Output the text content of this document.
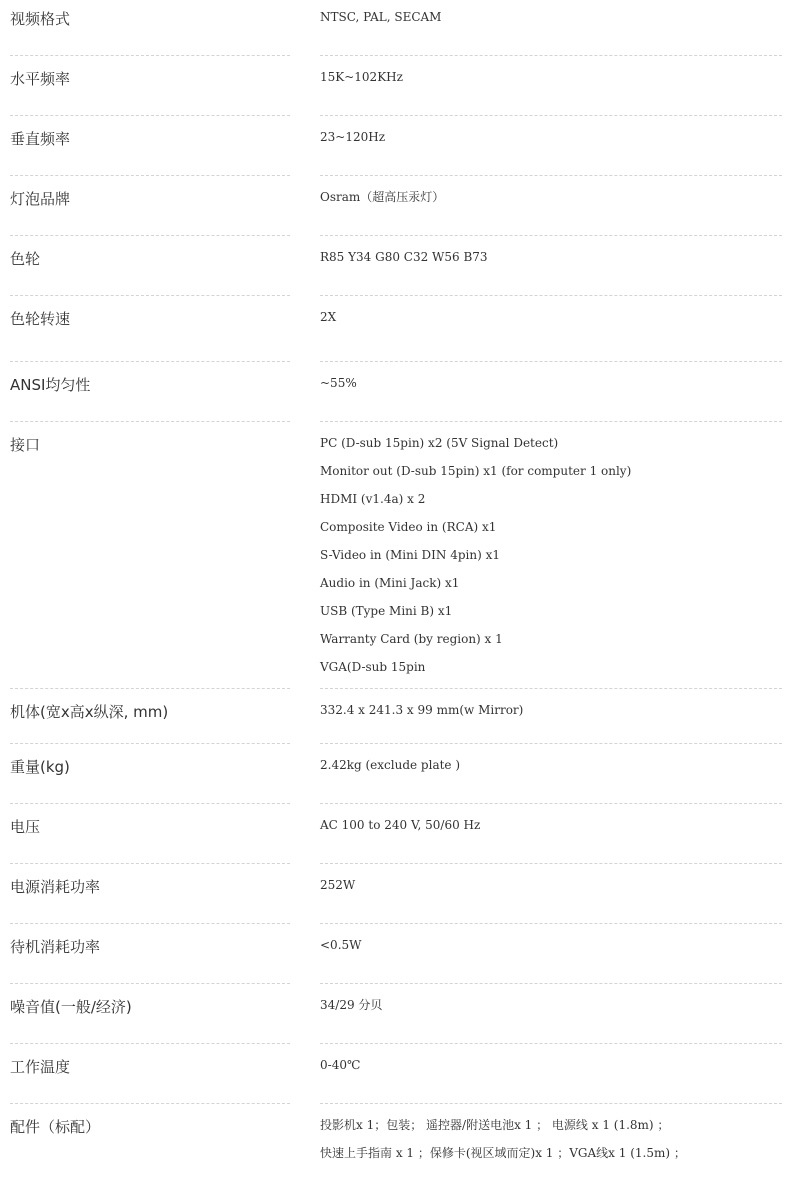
视频格式	NTSC, PAL, SECAM
水平频率	15K~102KHz
垂直频率	23~120Hz
灯泡品牌	Osram（超高压汞灯）
色轮	R85 Y34 G80 C32 W56 B73
色轮转速	2X
ANSI均匀性	~55%
接口	PC (D-sub 15pin) x2 (5V Signal Detect)
Monitor out (D-sub 15pin) x1 (for computer 1 only)
HDMI (v1.4a) x 2
Composite Video in (RCA) x1
S-Video in (Mini DIN 4pin) x1
Audio in (Mini Jack) x1
USB (Type Mini B) x1
Warranty Card (by region) x 1
VGA(D-sub 15pin
机体(宽x高x纵深, mm)	332.4 x 241.3 x 99 mm(w Mirror)
重量(kg)	2.42kg (exclude plate )
电压	AC 100 to 240 V, 50/60 Hz
电源消耗功率	252W
待机消耗功率	<0.5W
噪音值(一般/经济)	34/29 分贝
工作温度	0-40℃
配件（标配）	投影机x 1；包装； 遥控器/附送电池x 1 ； 电源线 x 1 (1.8m) ；
快速上手指南 x 1 ；保修卡(视区域而定)x 1 ；VGA线x 1 (1.5m) ；
